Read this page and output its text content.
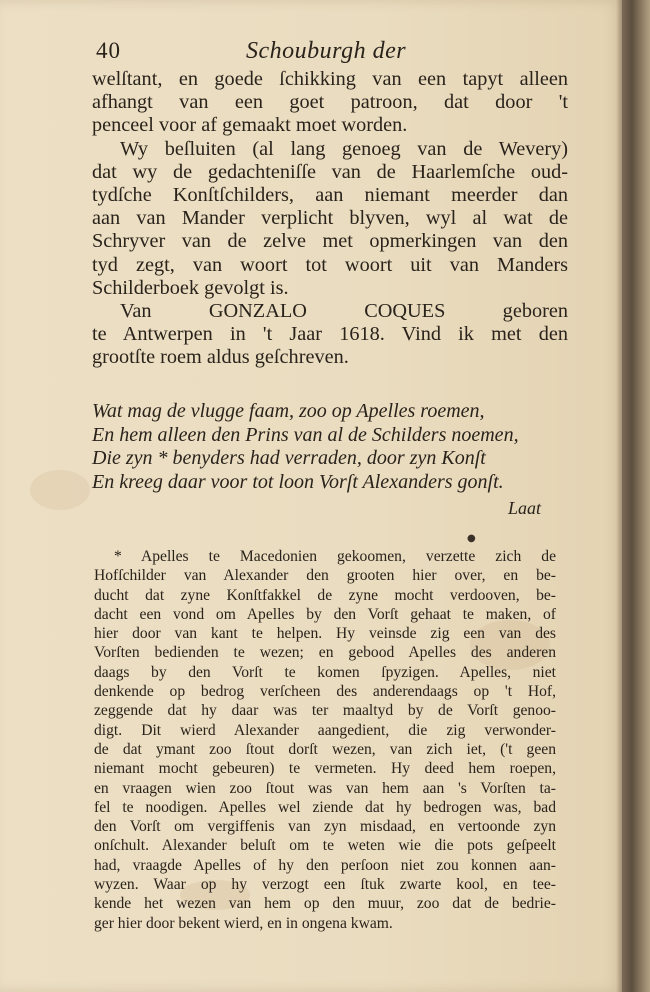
40	Schouburgh der
welſtant, en goede ſchikking van een tapyt alleen
afhangt van een goet patroon, dat door 't
penceel voor af gemaakt moet worden.
Wy beſluiten (al lang genoeg van de Wevery)
dat wy de gedachteniſſe van de Haarlemſche oud-
tydſche Konſtſchilders, aan niemant meerder dan
aan van Mander verplicht blyven, wyl al wat de
Schryver van de zelve met opmerkingen van den
tyd zegt, van woort tot woort uit van Manders
Schilderboek gevolgt is.
Van GONZALO COQUES geboren
te Antwerpen in 't Jaar 1618. Vind ik met den
grootſte roem aldus geſchreven.
Wat mag de vlugge faam, zoo op Apelles roemen,
En hem alleen den Prins van al de Schilders noemen,
Die zyn * benyders had verraden, door zyn Konſt
En kreeg daar voor tot loon Vorſt Alexanders gonſt.
Laat
●
* Apelles te Macedonien gekoomen, verzette zich de
Hofſchilder van Alexander den grooten hier over, en be-
ducht dat zyne Konſtfakkel de zyne mocht verdooven, be-
dacht een vond om Apelles by den Vorſt gehaat te maken, of
hier door van kant te helpen. Hy veinsde zig een van des
Vorſten bedienden te wezen; en gebood Apelles des anderen
daags by den Vorſt te komen ſpyzigen. Apelles, niet
denkende op bedrog verſcheen des anderendaags op 't Hof,
zeggende dat hy daar was ter maaltyd by de Vorſt genoo-
digt. Dit wierd Alexander aangedient, die zig verwonder-
de dat ymant zoo ſtout dorſt wezen, van zich iet, ('t geen
niemant mocht gebeuren) te vermeten. Hy deed hem roepen,
en vraagen wien zoo ſtout was van hem aan 's Vorſten ta-
fel te noodigen. Apelles wel ziende dat hy bedrogen was, bad
den Vorſt om vergiffenis van zyn misdaad, en vertoonde zyn
onſchult. Alexander beluſt om te weten wie die pots geſpeelt
had, vraagde Apelles of hy den perſoon niet zou konnen aan-
wyzen. Waar op hy verzogt een ſtuk zwarte kool, en tee-
kende het wezen van hem op den muur, zoo dat de bedrie-
ger hier door bekent wierd, en in ongena kwam.
